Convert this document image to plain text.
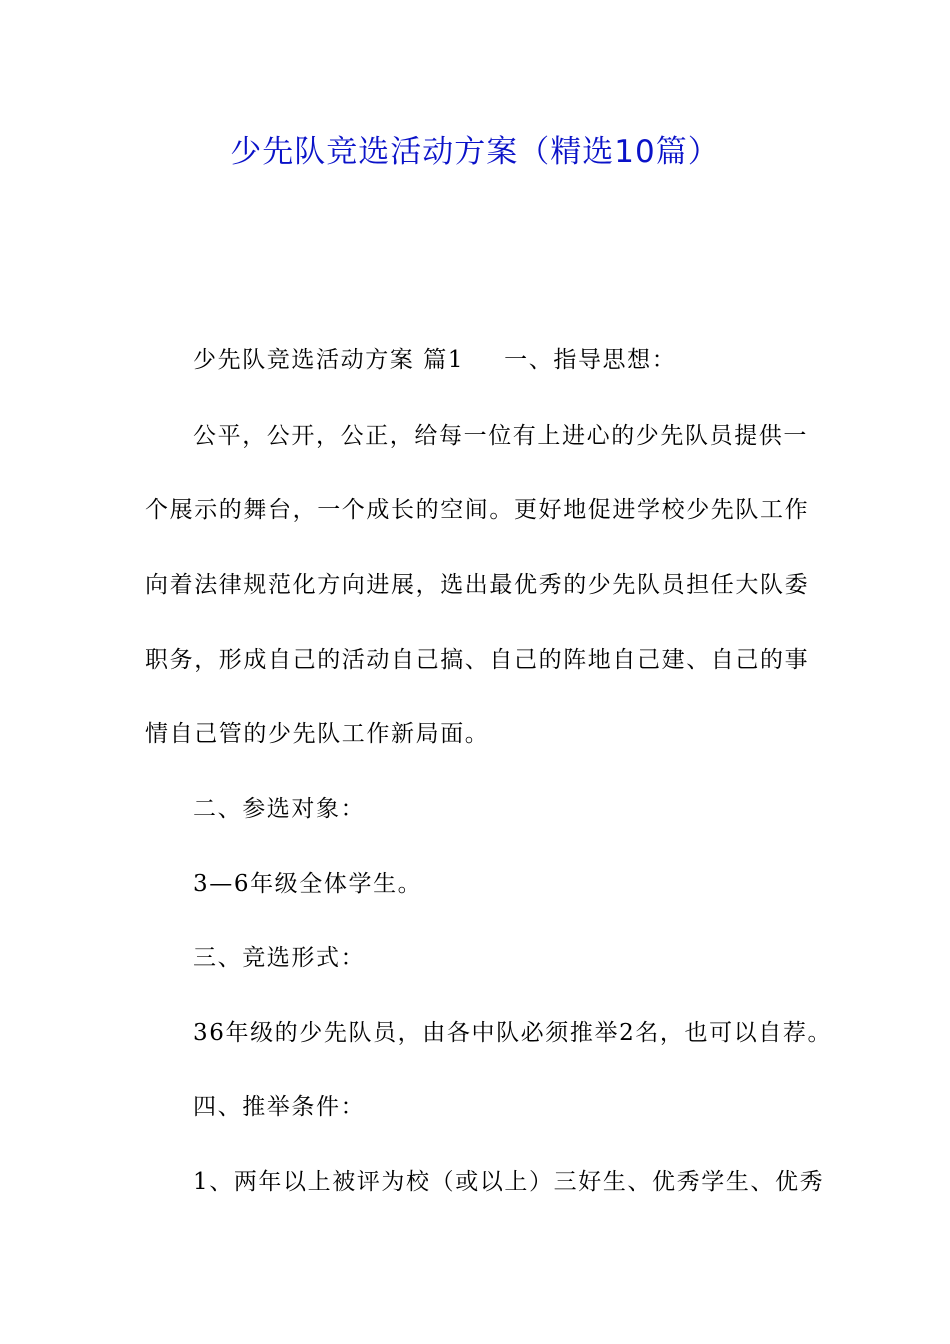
少先队竞选活动方案（精选10篇）
少先队竞选活动方案 篇1 一、指导思想：
公平，公开，公正，给每一位有上进心的少先队员提供一
个展示的舞台，一个成长的空间。更好地促进学校少先队工作
向着法律规范化方向进展，选出最优秀的少先队员担任大队委
职务，形成自己的活动自己搞、自己的阵地自己建、自己的事
情自己管的少先队工作新局面。
二、参选对象：
3—6年级全体学生。
三、竞选形式：
36年级的少先队员，由各中队必须推举2名，也可以自荐。
四、推举条件：
1、两年以上被评为校（或以上）三好生、优秀学生、优秀
